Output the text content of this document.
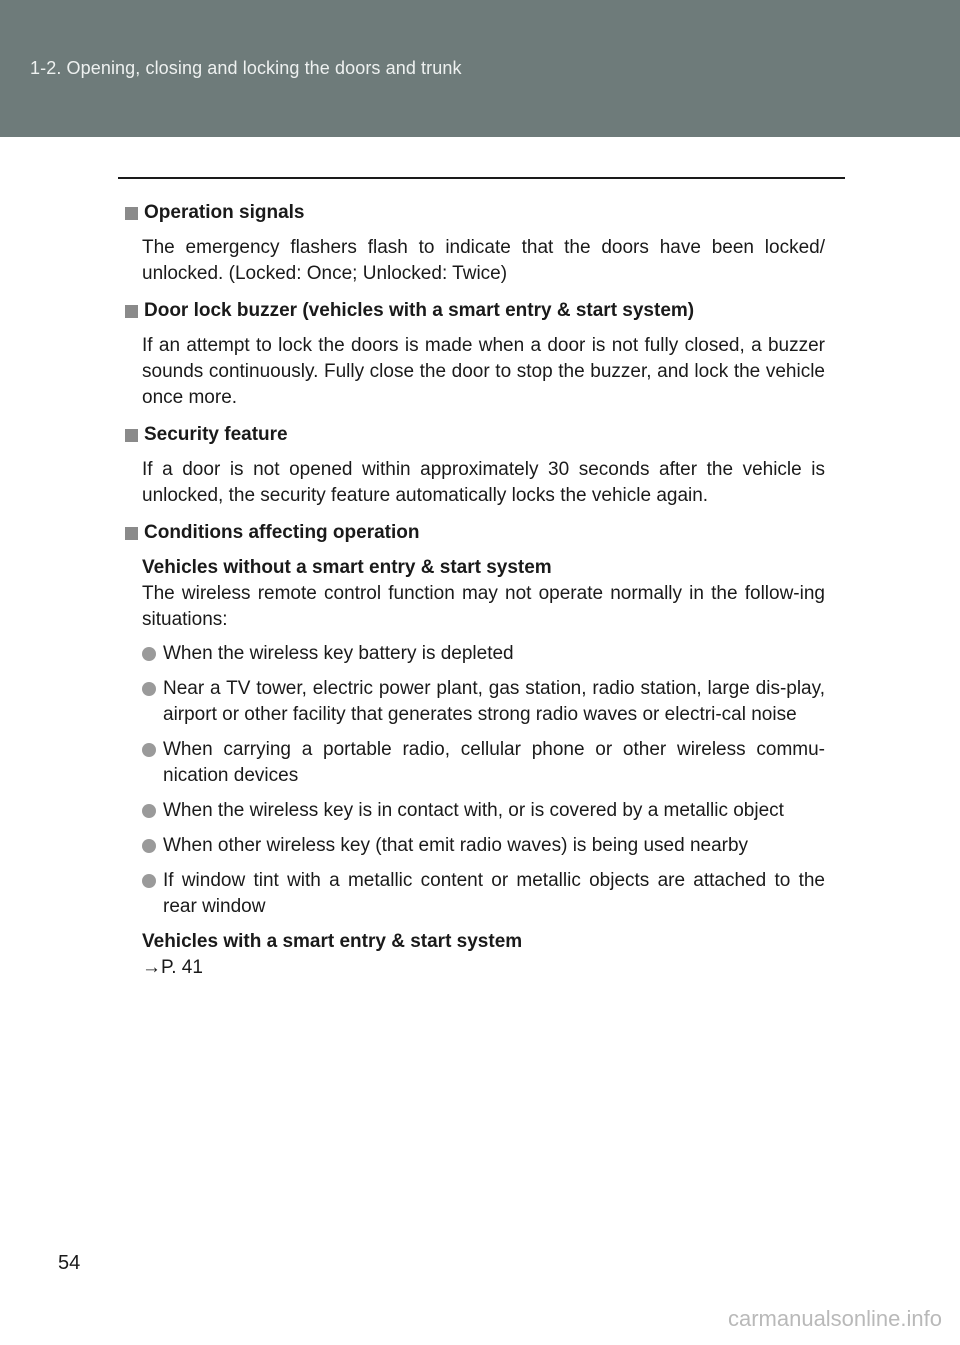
1-2. Opening, closing and locking the doors and trunk
Operation signals
The emergency flashers flash to indicate that the doors have been locked/ unlocked. (Locked: Once; Unlocked: Twice)
Door lock buzzer (vehicles with a smart entry & start system)
If an attempt to lock the doors is made when a door is not fully closed, a buzzer sounds continuously. Fully close the door to stop the buzzer, and lock the vehicle once more.
Security feature
If a door is not opened within approximately 30 seconds after the vehicle is unlocked, the security feature automatically locks the vehicle again.
Conditions affecting operation
Vehicles without a smart entry & start system
The wireless remote control function may not operate normally in the follow-ing situations:
When the wireless key battery is depleted
Near a TV tower, electric power plant, gas station, radio station, large dis-play, airport or other facility that generates strong radio waves or electri-cal noise
When carrying a portable radio, cellular phone or other wireless commu-nication devices
When the wireless key is in contact with, or is covered by a metallic object
When other wireless key (that emit radio waves) is being used nearby
If window tint with a metallic content or metallic objects are attached to the rear window
Vehicles with a smart entry & start system
→P. 41
54
carmanualsonline.info
